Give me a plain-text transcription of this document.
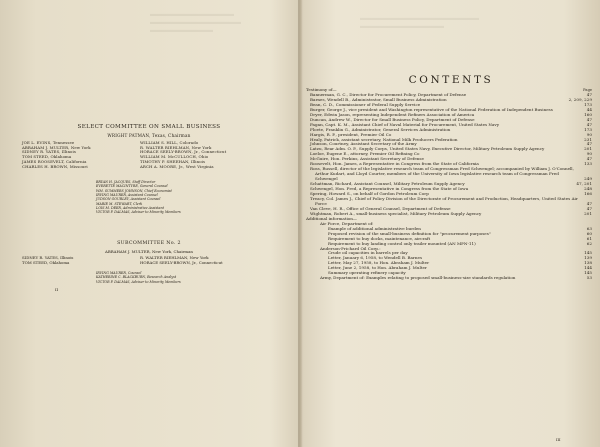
▬▬▬▬▬▬▬▬▬▬▬▬
▬▬▬▬▬▬▬▬▬▬▬▬▬
▬▬▬▬▬▬▬▬▬
▬▬▬▬▬▬▬▬▬▬▬▬▬▬▬▬▬
▬▬▬▬▬▬▬▬▬▬▬▬
SELECT COMMITTEE ON SMALL BUSINESS
WRIGHT PATMAN, Texas, Chairman
JOE L. EVINS, Tennessee	WILLIAM S. HILL, Colorado
ABRAHAM J. MULTER, New York	R. WALTER RIEHLMAN, New York
SIDNEY R. YATES, Illinois	HORACE SEELY-BROWN, Jr., Connecticut
TOM STEED, Oklahoma	WILLIAM M. McCULLOCH, Ohio
JAMES ROOSEVELT, California	TIMOTHY P. SHEEHAN, Illinois
CHARLES H. BROWN, Missouri	ARCH A. MOORE, Jr., West Virginia
BRYAN H. JACQUES, Staff Director
EVERETTE MACINTYRE, General Counsel
WM. SUMMERS JOHNSON, Chief Economist
IRVING MAURER, Assistant Counsel
JUDSON GOURLEY, Assistant Counsel
MARIE M. STEWART, Clerk
LOIS M. DEER, Administrative Assistant
VICTOR P. DALMAS, Adviser to Minority Members
SUBCOMMITTEE No. 2
ABRAHAM J. MULTER, New York, Chairman
SIDNEY R. YATES, Illinois	R. WALTER RIEHLMAN, New York
TOM STEED, Oklahoma	HORACE SEELY-BROWN, Jr., Connecticut
IRVING MAURER, Counsel
KATHERINE C. BLACKBURN, Research Analyst
VICTOR P. DALMAS, Adviser to Minority Members
II
CONTENTS
Page
Testimony of—
Bannerman, G. C., Director for Procurement Policy, Department of Defense	47
Barnes, Wendell B., Administrator, Small Business Administration	2, 209, 229
Bean, C. D., Commissioner of Federal Supply Service	173
Burger, George J., vice president and Washington representative of the National Federation of Independent Business	44
Dryer, Edwin Jason, representing Independent Refiners Association of America	160
Duncan, Andrew W., Director for Small Business Policy, Department of Defense	47
Fagan, Capt. K. M., Assistant Chief of Naval Material for Procurement, United States Navy	47
Floete, Franklin G., Administrator, General Services Administration	173
Hargis, R. P., president, Premier Oil Co	90
Healy, Patrick, assistant secretary, National Milk Producers Federation	231
Johnson, Courtney, Assistant Secretary of the Army	47
Latzu, Rear Adm. O. P., Supply Corps, United States Navy, Executive Director, Military Petroleum Supply Agency	201
Loeloe, Eugene E., attorney, Premier Oil Refining Co	90
McGuire, Hon. Perkins, Assistant Secretary of Defense	47
Roosevelt, Hon. James, a Representative in Congress from the State of California	133
Ross, Russell, director of the legislative research team of Congressman Fred Schwengel; accompanied by William J. O'Connell, Arthur Kudart, and Lloyd Courter, members of the University of Iowa legislative research team of Congressman Fred Schwengel	249
Schattman, Richard, Assistant Counsel, Military Petroleum Supply Agency	47, 201
Schwengel, Hon. Fred, a Representative in Congress from the State of Iowa	248
Spering, Howard S., on behalf of Gordon Petroleum Corp	166
Treacy, Col. James J., Chief of Policy Division of the Directorate of Procurement and Production, Headquarters, United States Air Force	47
Van Cleve, H. R., Office of General Counsel, Department of Defense	47
Wightman, Robert A., small-business specialist, Military Petroleum Supply Agency	201
Additional information—
Air Force, Department of:
Example of additional administrative burden	63
Proposed revision of the small-business definition for "procurement purposes"	60
Requirement to buy docks, maintenance, aircraft	61
Requirement to buy landing control only trailer mounted (AN MPN-11)	62
Anderson-Prichard Oil Corp.:
Crude oil capacities in barrels per day	145
Letter, January 6, 1958, to Wendell B. Barnes	139
Letter, May 27, 1958, to Hon. Abraham J. Multer	138
Letter, June 2, 1958, to Hon. Abraham J. Multer	144
Summary operating refinery capacity	145
Army, Department of: Examples relating to proposed small-business-size standards regulation	53
III
